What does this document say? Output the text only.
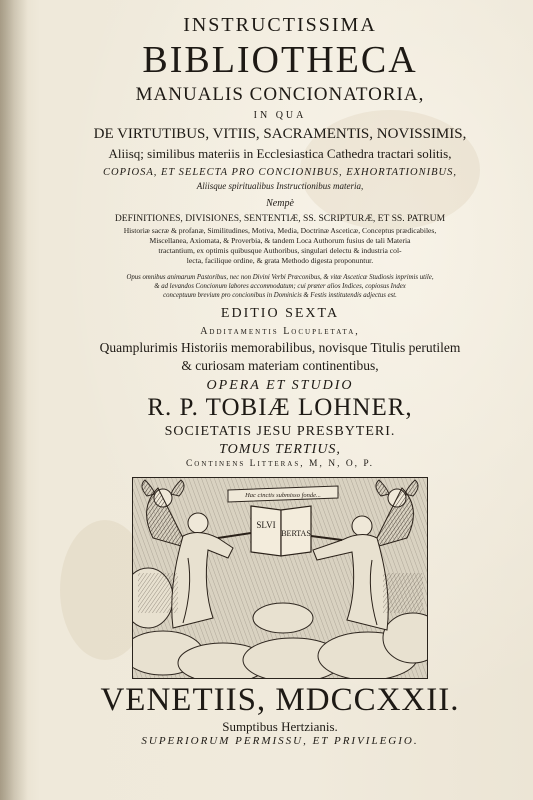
INSTRUCTISSIMA
BIBLIOTHECA
MANUALIS CONCIONATORIA,
IN QUA
DE VIRTUTIBUS, VITIIS, SACRAMENTIS, NOVISSIMIS,
Aliisq; similibus materiis in Ecclesiastica Cathedra tractari solitis,
COPIOSA, ET SELECTA PRO CONCIONIBUS, EXHORTATIONIBUS,
Aliisque spiritualibus Instructionibus materia,
Nempè
DEFINITIONES, DIVISIONES, SENTENTIÆ, SS. SCRIPTURÆ, ET SS. PATRUM
Historiæ sacræ & profanæ, Similitudines, Motiva, Media, Doctrinæ Asceticæ, Conceptus prædicabiles,
Miscellanea, Axiomata, & Proverbia, & tandem Loca Authorum fusius de tali Materia
tractantium, ex optimis quibusque Authoribus, singulari delectu & industria col-
lecta, facilique ordine, & grata Methodo digesta proponuntur.
Opus omnibus animarum Pastoribus, nec non Divini Verbi Præconibus, & vitæ Asceticæ Studiosis inprimis utile,
& ad levandos Concionum labores accommodatum; cui præter alios Indices, copiosus Index
conceptuum brevium pro concionibus in Dominicis & Festis institutendis adjectus est.
EDITIO SEXTA
Additamentis Locupletata,
Quamplurimis Historiis memorabilibus, novisque Titulis perutilem
& curiosam materiam continentibus,
OPERA ET STUDIO
R. P. TOBIÆ LOHNER,
SOCIETATIS JESU PRESBYTERI.
TOMUS TERTIUS,
Continens Litteras, M, N, O, P.
Hac cinctis submisso fonde...
SLVI
BERTAS
VENETIIS, MDCCXXII.
Sumptibus Hertzianis.
SUPERIORUM PERMISSU, ET PRIVILEGIO.
